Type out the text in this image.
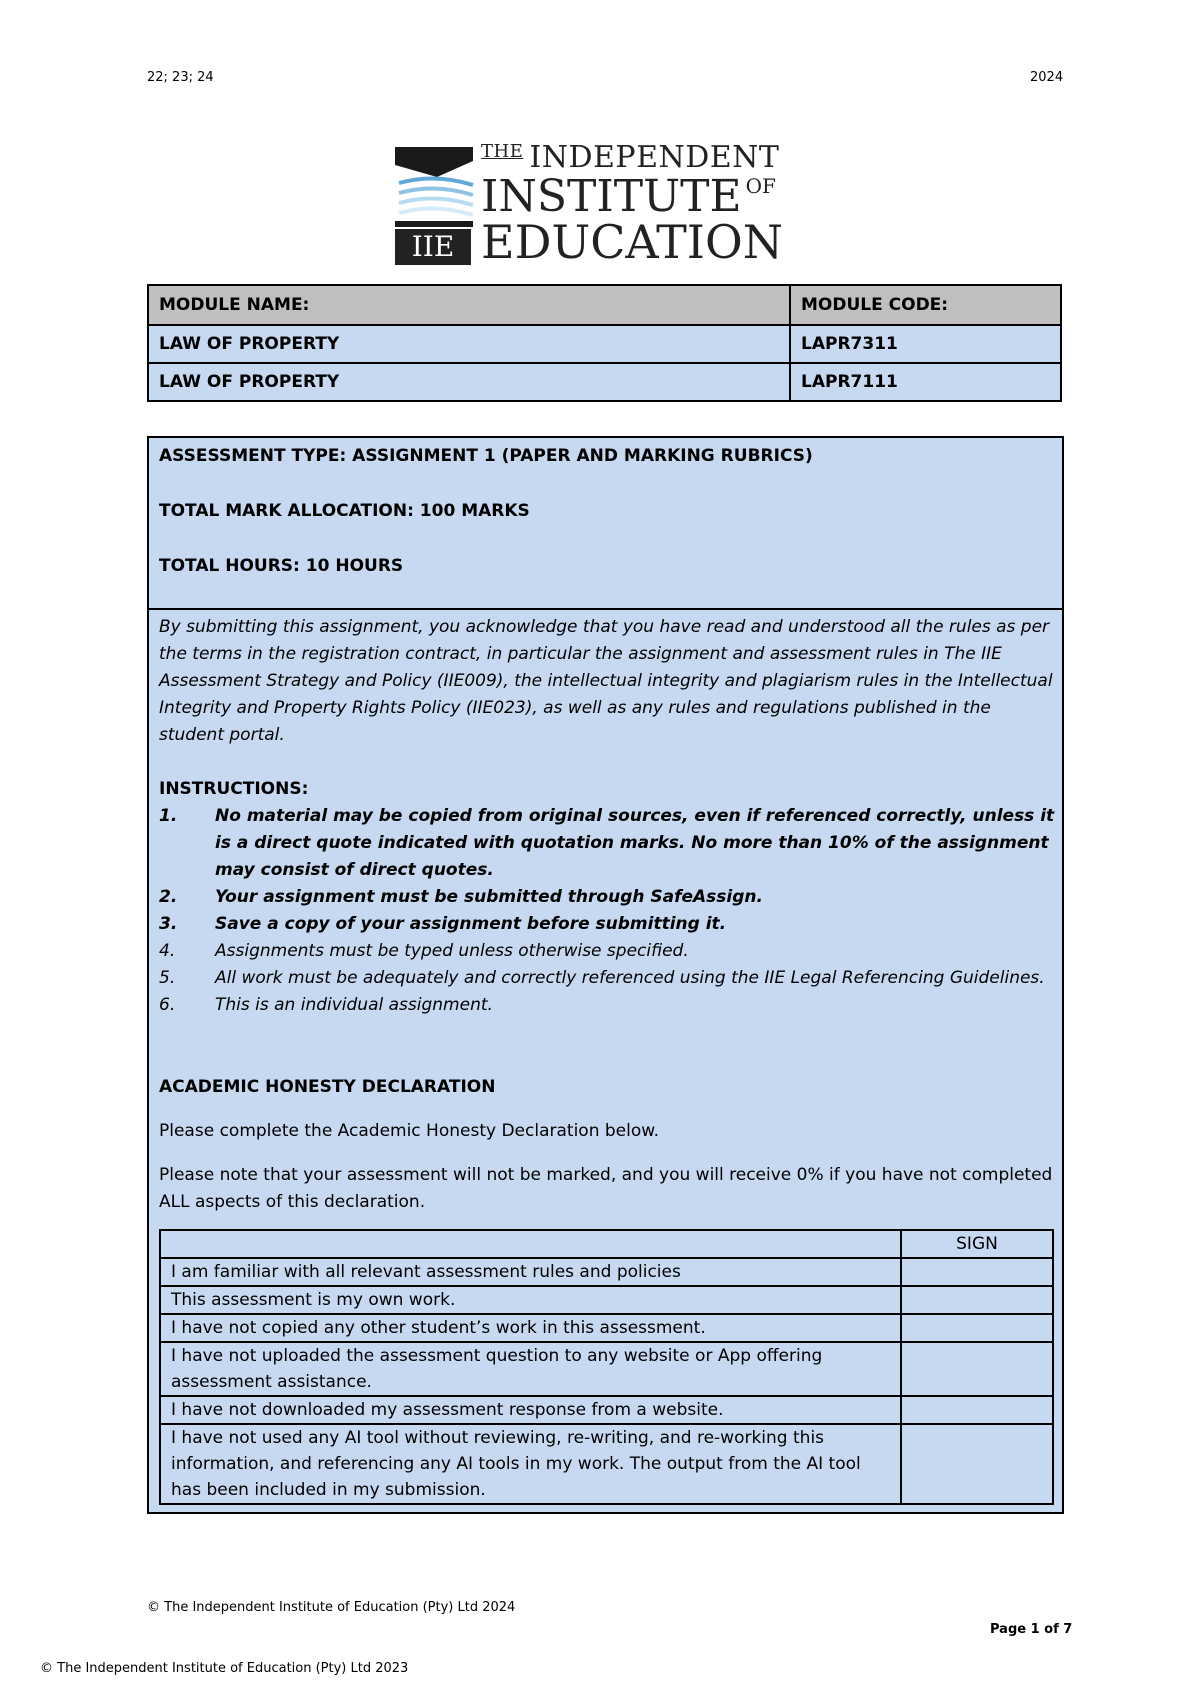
22; 23; 24	2024
IIE
$^{THE}$ INDEPENDENT
INSTITUTE $^{OF}$
EDUCATION
MODULE NAME:	MODULE CODE:
LAW OF PROPERTY	LAPR7311
LAW OF PROPERTY	LAPR7111
ASSESSMENT TYPE: ASSIGNMENT 1 (PAPER AND MARKING RUBRICS)
TOTAL MARK ALLOCATION: 100 MARKS
TOTAL HOURS: 10 HOURS
By submitting this assignment, you acknowledge that you have read and understood all the rules as per the terms in the registration contract, in particular the assignment and assessment rules in The IIE Assessment Strategy and Policy (IIE009), the intellectual integrity and plagiarism rules in the Intellectual Integrity and Property Rights Policy (IIE023), as well as any rules and regulations published in the student portal.
INSTRUCTIONS:
1.	No material may be copied from original sources, even if referenced correctly, unless it is a direct quote indicated with quotation marks. No more than 10% of the assignment may consist of direct quotes.
2.	Your assignment must be submitted through SafeAssign.
3.	Save a copy of your assignment before submitting it.
4.	Assignments must be typed unless otherwise specified.
5.	All work must be adequately and correctly referenced using the IIE Legal Referencing Guidelines.
6.	This is an individual assignment.
ACADEMIC HONESTY DECLARATION
Please complete the Academic Honesty Declaration below.
Please note that your assessment will not be marked, and you will receive 0% if you have not completed ALL aspects of this declaration.
	SIGN
I am familiar with all relevant assessment rules and policies	
This assessment is my own work.	
I have not copied any other student’s work in this assessment.	
I have not uploaded the assessment question to any website or App offering assessment assistance.	
I have not downloaded my assessment response from a website.	
I have not used any AI tool without reviewing, re-writing, and re-working this information, and referencing any AI tools in my work. The output from the AI tool has been included in my submission.	
© The Independent Institute of Education (Pty) Ltd 2024
Page 1 of 7
© The Independent Institute of Education (Pty) Ltd 2023
